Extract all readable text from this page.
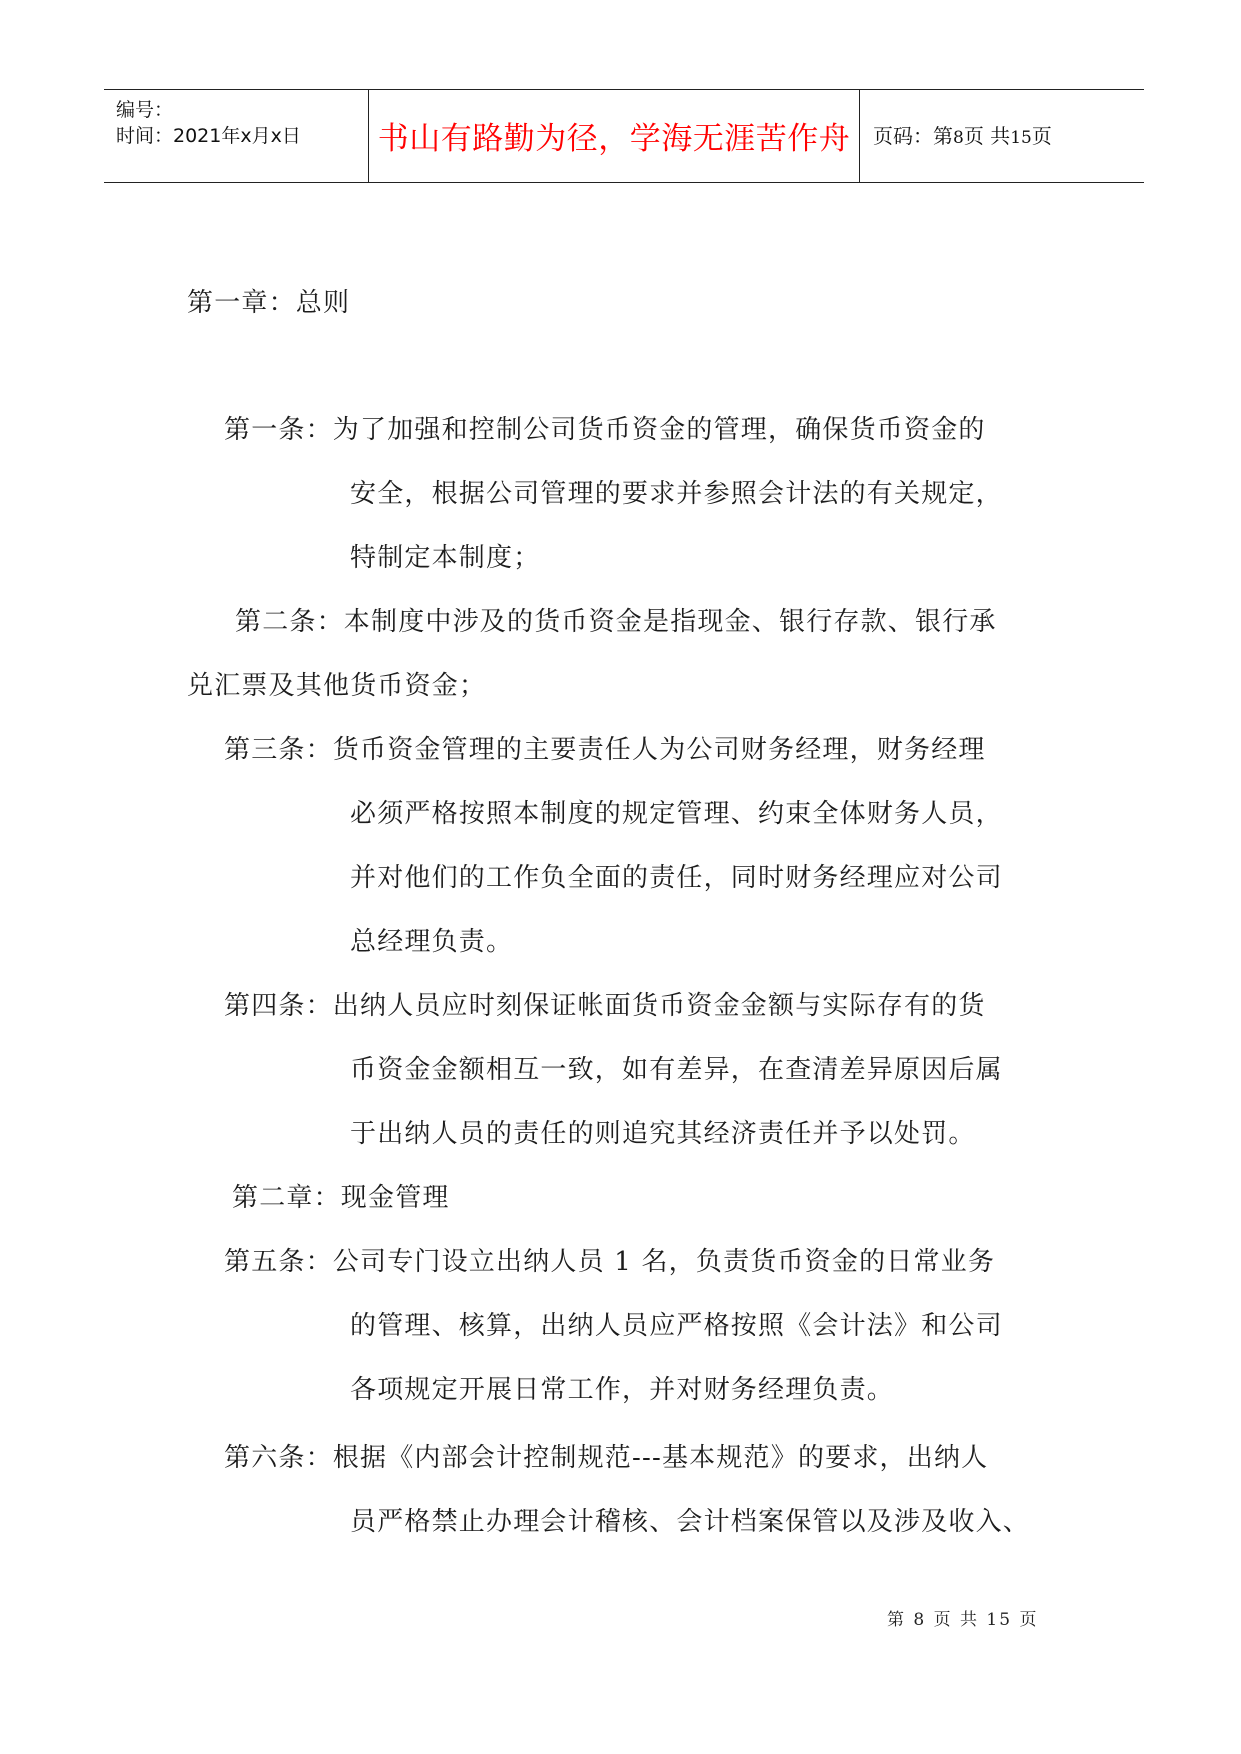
编号：
时间：2021年x月x日 书山有路勤为径，学海无涯苦作舟 页码：第8页 共15页
第一章：总则
第一条：为了加强和控制公司货币资金的管理，确保货币资金的
安全，根据公司管理的要求并参照会计法的有关规定，
特制定本制度；
第二条：本制度中涉及的货币资金是指现金、银行存款、银行承
兑汇票及其他货币资金；
第三条：货币资金管理的主要责任人为公司财务经理，财务经理
必须严格按照本制度的规定管理、约束全体财务人员，
并对他们的工作负全面的责任，同时财务经理应对公司
总经理负责。
第四条：出纳人员应时刻保证帐面货币资金金额与实际存有的货
币资金金额相互一致，如有差异，在查清差异原因后属
于出纳人员的责任的则追究其经济责任并予以处罚。
第二章：现金管理
第五条：公司专门设立出纳人员 1 名，负责货币资金的日常业务
的管理、核算，出纳人员应严格按照《会计法》和公司
各项规定开展日常工作，并对财务经理负责。
第六条：根据《内部会计控制规范---基本规范》的要求，出纳人
员严格禁止办理会计稽核、会计档案保管以及涉及收入、
第 8 页 共 15 页
